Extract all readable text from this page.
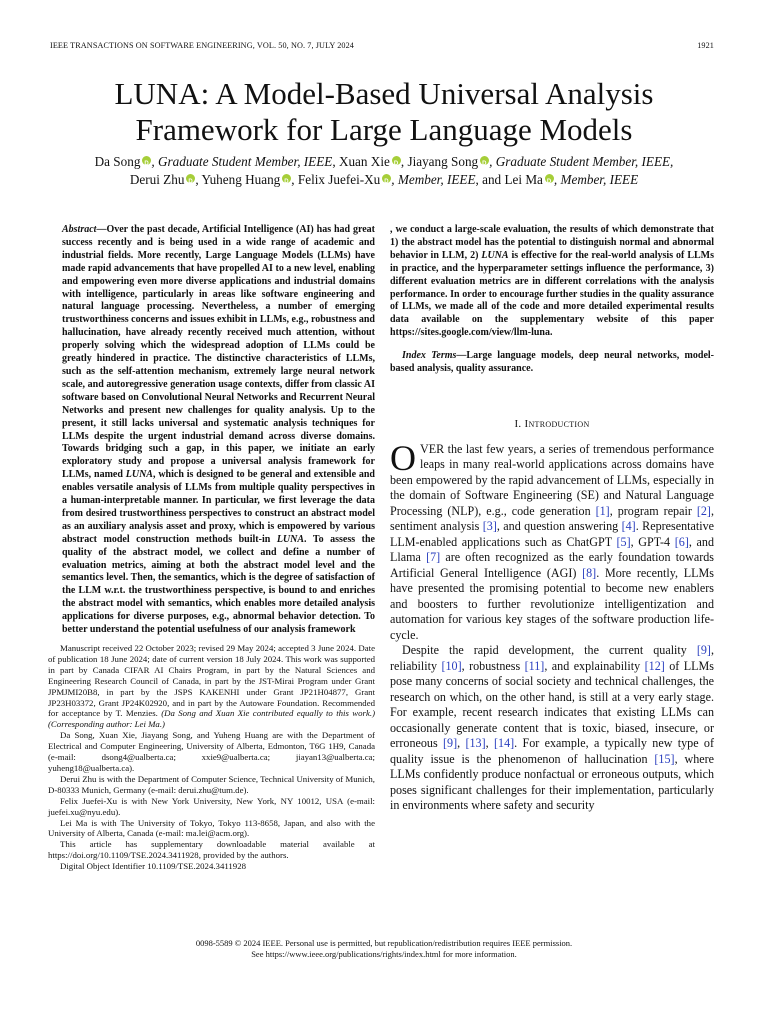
IEEE TRANSACTIONS ON SOFTWARE ENGINEERING, VOL. 50, NO. 7, JULY 2024	1921
LUNA: A Model-Based Universal Analysis
Framework for Large Language Models
Da Song D , Graduate Student Member, IEEE, Xuan Xie D , Jiayang Song D , Graduate Student Member, IEEE,
Derui Zhu D , Yuheng Huang D , Felix Juefei-Xu D , Member, IEEE, and Lei Ma D , Member, IEEE
Abstract—Over the past decade, Artificial Intelligence (AI) has had great success recently and is being used in a wide range of academic and industrial fields. More recently, Large Language Models (LLMs) have made rapid advancements that have propelled AI to a new level, enabling and empowering even more diverse applications and industrial domains with intelligence, particularly in areas like software engineering and natural language processing. Nevertheless, a number of emerging trustworthiness concerns and issues exhibit in LLMs, e.g., robustness and hallucination, have already recently received much attention, without properly solving which the widespread adoption of LLMs could be greatly hindered in practice. The distinctive characteristics of LLMs, such as the self-attention mechanism, extremely large neural network scale, and autoregressive generation usage contexts, differ from classic AI software based on Convolutional Neural Networks and Recurrent Neural Networks and present new challenges for quality analysis. Up to the present, it still lacks universal and systematic analysis techniques for LLMs despite the urgent industrial demand across diverse domains. Towards bridging such a gap, in this paper, we initiate an early exploratory study and propose a universal analysis framework for LLMs, named LUNA, which is designed to be general and extensible and enables versatile analysis of LLMs from multiple quality perspectives in a human-interpretable manner. In particular, we first leverage the data from desired trustworthiness perspectives to construct an abstract model as an auxiliary analysis asset and proxy, which is empowered by various abstract model construction methods built-in LUNA. To assess the quality of the abstract model, we collect and define a number of evaluation metrics, aiming at both the abstract model level and the semantics level. Then, the semantics, which is the degree of satisfaction of the LLM w.r.t. the trustworthiness perspective, is bound to and enriches the abstract model with semantics, which enables more detailed analysis applications for diverse purposes, e.g., abnormal behavior detection. To better understand the potential usefulness of our analysis framework

Manuscript received 22 October 2023; revised 29 May 2024; accepted 3 June 2024. Date of publication 18 June 2024; date of current version 18 July 2024. This work was supported in part by Canada CIFAR AI Chairs Program, in part by the Natural Sciences and Engineering Research Council of Canada, in part by the JST-Mirai Program under Grant JPMJMI20B8, in part by the JSPS KAKENHI under Grant JP21H04877, Grant JP23H03372, Grant JP24K02920, and in part by the Autoware Foundation. Recommended for acceptance by T. Menzies. (Da Song and Xuan Xie contributed equally to this work.) (Corresponding author: Lei Ma.)

Da Song, Xuan Xie, Jiayang Song, and Yuheng Huang are with the Department of Electrical and Computer Engineering, University of Alberta, Edmonton, T6G 1H9, Canada (e-mail: dsong4@ualberta.ca; xxie9@ualberta.ca; jiayan13@ualberta.ca; yuheng18@ualberta.ca).

Derui Zhu is with the Department of Computer Science, Technical University of Munich, D-80333 Munich, Germany (e-mail: derui.zhu@tum.de).

Felix Juefei-Xu is with New York University, New York, NY 10012, USA (e-mail: juefei.xu@nyu.edu).

Lei Ma is with The University of Tokyo, Tokyo 113-8658, Japan, and also with the University of Alberta, Canada (e-mail: ma.lei@acm.org).

This article has supplementary downloadable material available at https://doi.org/10.1109/TSE.2024.3411928, provided by the authors.

Digital Object Identifier 10.1109/TSE.2024.3411928

, we conduct a large-scale evaluation, the results of which demonstrate that 1) the abstract model has the potential to distinguish normal and abnormal behavior in LLM, 2) LUNA is effective for the real-world analysis of LLMs in practice, and the hyperparameter settings influence the performance, 3) different evaluation metrics are in different correlations with the analysis performance. In order to encourage further studies in the quality assurance of LLMs, we made all of the code and more detailed experimental results data available on the supplementary website of this paper https://sites.google.com/view/llm-luna.
Index Terms—Large language models, deep neural networks, model-based analysis, quality assurance.
I. Introduction

OVER the last few years, a series of tremendous performance leaps in many real-world applications across domains have been empowered by the rapid advancement of LLMs, especially in the domain of Software Engineering (SE) and Natural Language Processing (NLP), e.g., code generation [1], program repair [2], sentiment analysis [3], and question answering [4]. Representative LLM-enabled applications such as ChatGPT [5], GPT-4 [6], and Llama [7] are often recognized as the early foundation towards Artificial General Intelligence (AGI) [8]. More recently, LLMs have presented the promising potential to become new enablers and boosters to further revolutionize intelligentization and automation for various key stages of the software production life-cycle.

Despite the rapid development, the current quality [9], reliability [10], robustness [11], and explainability [12] of LLMs pose many concerns of social society and technical challenges, the research on which, on the other hand, is still at a very early stage. For example, recent research indicates that existing LLMs can occasionally generate content that is toxic, biased, insecure, or erroneous [9], [13], [14]. For example, a typically new type of quality issue is the phenomenon of hallucination [15], where LLMs confidently produce nonfactual or erroneous outputs, which poses significant challenges for their implementation, particularly in environments where safety and security

0098-5589 © 2024 IEEE. Personal use is permitted, but republication/redistribution requires IEEE permission.
See https://www.ieee.org/publications/rights/index.html for more information.
